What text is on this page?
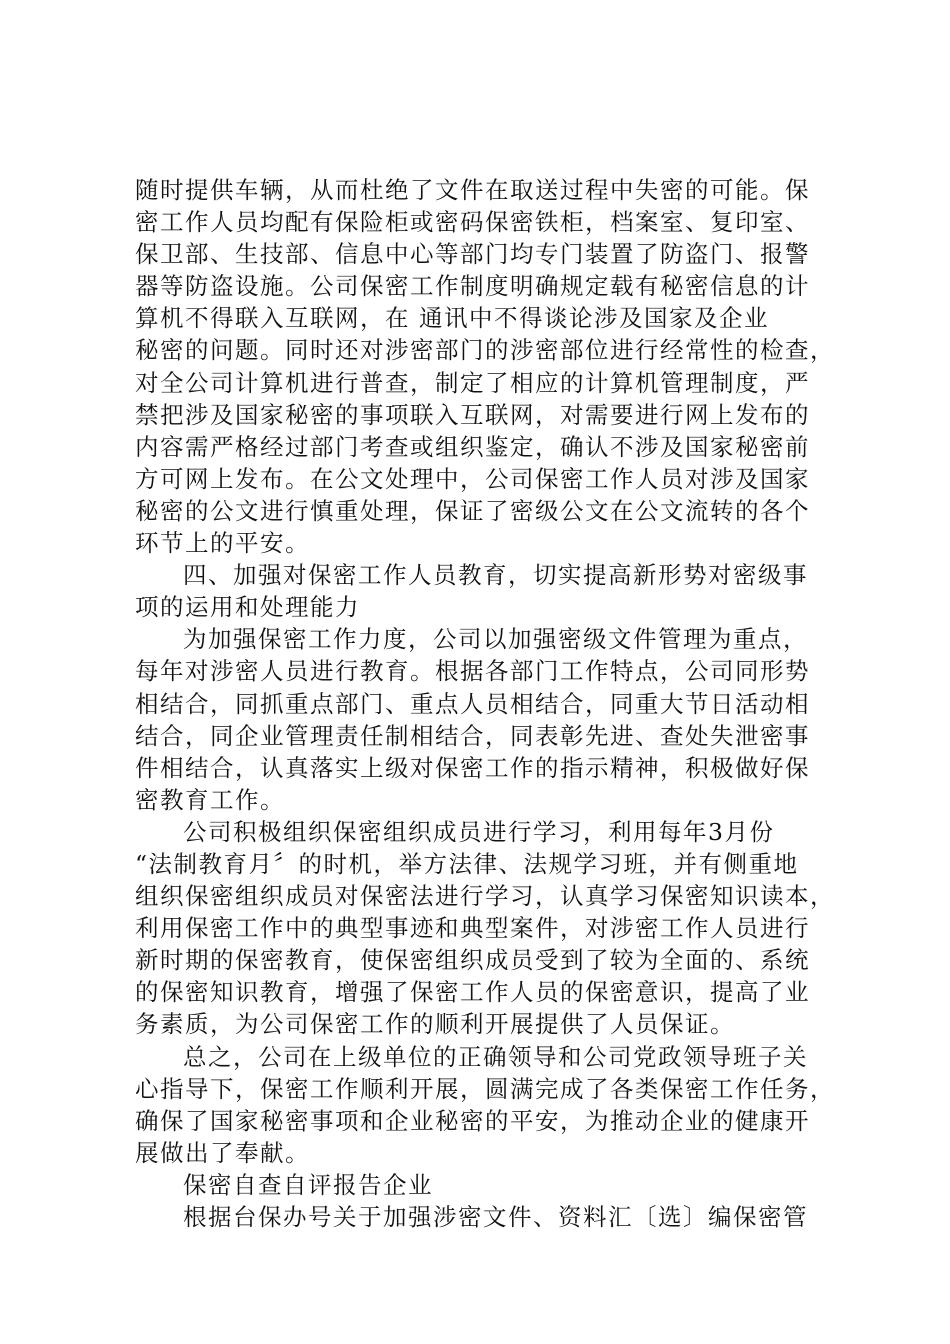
随时提供车辆，从而杜绝了文件在取送过程中失密的可能。保
密工作人员均配有保险柜或密码保密铁柜，档案室、复印室、
保卫部、生技部、信息中心等部门均专门装置了防盗门、报警
器等防盗设施。公司保密工作制度明确规定载有秘密信息的计
算机不得联入互联网，在 通讯中不得谈论涉及国家及企业
秘密的问题。同时还对涉密部门的涉密部位进行经常性的检查，
对全公司计算机进行普查，制定了相应的计算机管理制度，严
禁把涉及国家秘密的事项联入互联网，对需要进行网上发布的
内容需严格经过部门考查或组织鉴定，确认不涉及国家秘密前
方可网上发布。在公文处理中，公司保密工作人员对涉及国家
秘密的公文进行慎重处理，保证了密级公文在公文流转的各个
环节上的平安。
四、加强对保密工作人员教育，切实提高新形势对密级事
项的运用和处理能力
为加强保密工作力度，公司以加强密级文件管理为重点，
每年对涉密人员进行教育。根据各部门工作特点，公司同形势
相结合，同抓重点部门、重点人员相结合，同重大节日活动相
结合，同企业管理责任制相结合，同表彰先进、查处失泄密事
件相结合，认真落实上级对保密工作的指示精神，积极做好保
密教育工作。
公司积极组织保密组织成员进行学习，利用每年3月份
“法制教育月〞的时机，举方法律、法规学习班，并有侧重地
组织保密组织成员对保密法进行学习，认真学习保密知识读本，
利用保密工作中的典型事迹和典型案件，对涉密工作人员进行
新时期的保密教育，使保密组织成员受到了较为全面的、系统
的保密知识教育，增强了保密工作人员的保密意识，提高了业
务素质，为公司保密工作的顺利开展提供了人员保证。
总之，公司在上级单位的正确领导和公司党政领导班子关
心指导下，保密工作顺利开展，圆满完成了各类保密工作任务，
确保了国家秘密事项和企业秘密的平安，为推动企业的健康开
展做出了奉献。
保密自查自评报告企业
根据台保办号关于加强涉密文件、资料汇〔选〕编保密管
